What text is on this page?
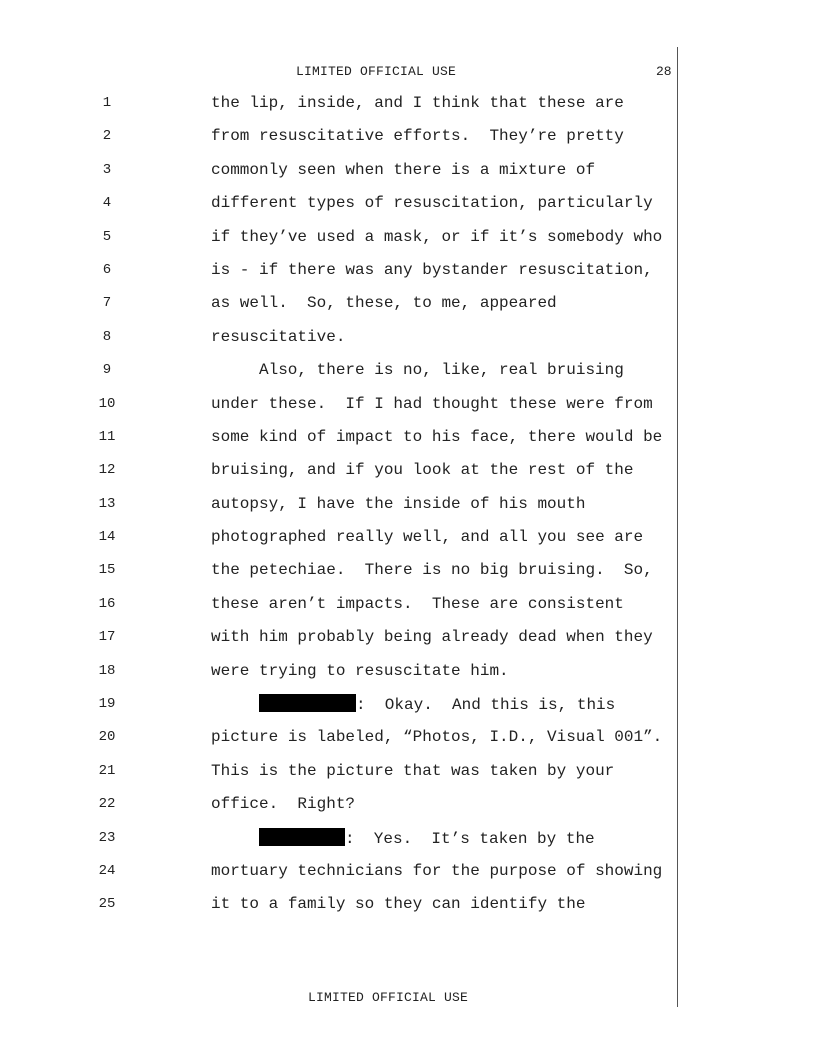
LIMITED OFFICIAL USE	28
1	the lip, inside, and I think that these are
2	from resuscitative efforts.  They’re pretty
3	commonly seen when there is a mixture of
4	different types of resuscitation, particularly
5	if they’ve used a mask, or if it’s somebody who
6	is - if there was any bystander resuscitation,
7	as well.  So, these, to me, appeared
8	resuscitative.
9	Also, there is no, like, real bruising
10	under these.  If I had thought these were from
11	some kind of impact to his face, there would be
12	bruising, and if you look at the rest of the
13	autopsy, I have the inside of his mouth
14	photographed really well, and all you see are
15	the petechiae.  There is no big bruising.  So,
16	these aren’t impacts.  These are consistent
17	with him probably being already dead when they
18	were trying to resuscitate him.
19	:  Okay.  And this is, this
20	picture is labeled, “Photos, I.D., Visual 001”.
21	This is the picture that was taken by your
22	office.  Right?
23	:  Yes.  It’s taken by the
24	mortuary technicians for the purpose of showing
25	it to a family so they can identify the
LIMITED OFFICIAL USE
